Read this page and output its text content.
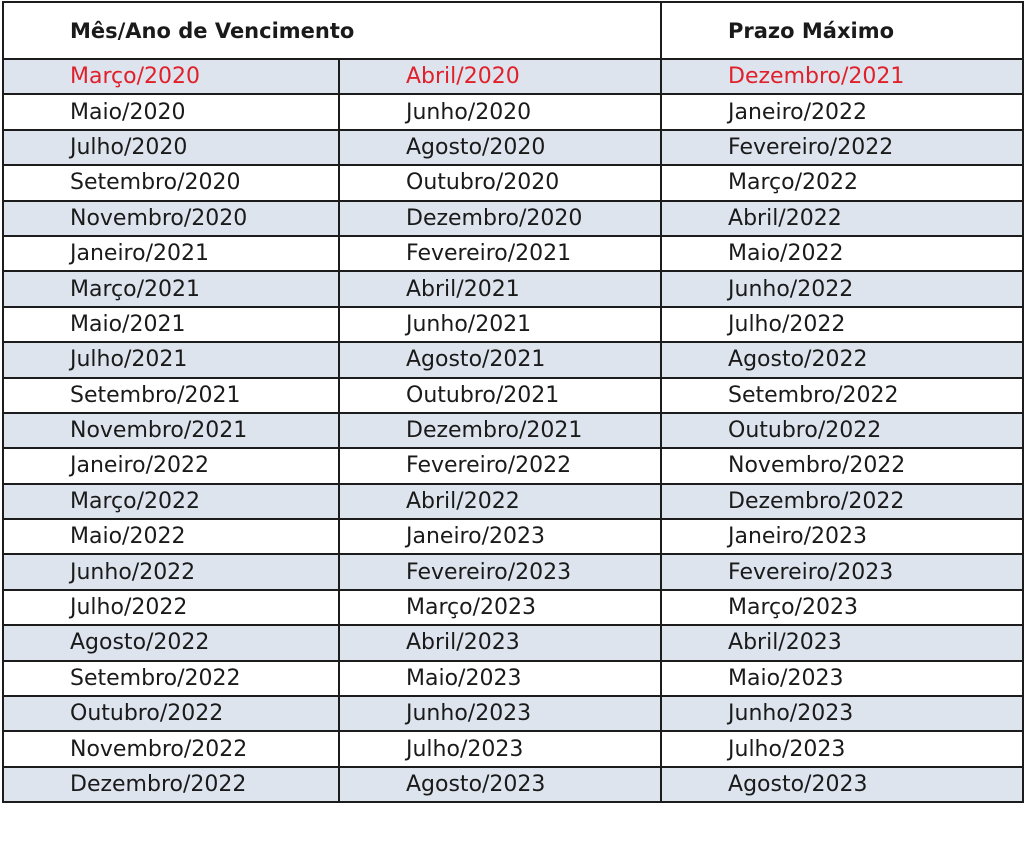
Mês/Ano de Vencimento		Prazo Máximo
Março/2020	Abril/2020	Dezembro/2021
Maio/2020	Junho/2020	Janeiro/2022
Julho/2020	Agosto/2020	Fevereiro/2022
Setembro/2020	Outubro/2020	Março/2022
Novembro/2020	Dezembro/2020	Abril/2022
Janeiro/2021	Fevereiro/2021	Maio/2022
Março/2021	Abril/2021	Junho/2022
Maio/2021	Junho/2021	Julho/2022
Julho/2021	Agosto/2021	Agosto/2022
Setembro/2021	Outubro/2021	Setembro/2022
Novembro/2021	Dezembro/2021	Outubro/2022
Janeiro/2022	Fevereiro/2022	Novembro/2022
Março/2022	Abril/2022	Dezembro/2022
Maio/2022	Janeiro/2023	Janeiro/2023
Junho/2022	Fevereiro/2023	Fevereiro/2023
Julho/2022	Março/2023	Março/2023
Agosto/2022	Abril/2023	Abril/2023
Setembro/2022	Maio/2023	Maio/2023
Outubro/2022	Junho/2023	Junho/2023
Novembro/2022	Julho/2023	Julho/2023
Dezembro/2022	Agosto/2023	Agosto/2023
